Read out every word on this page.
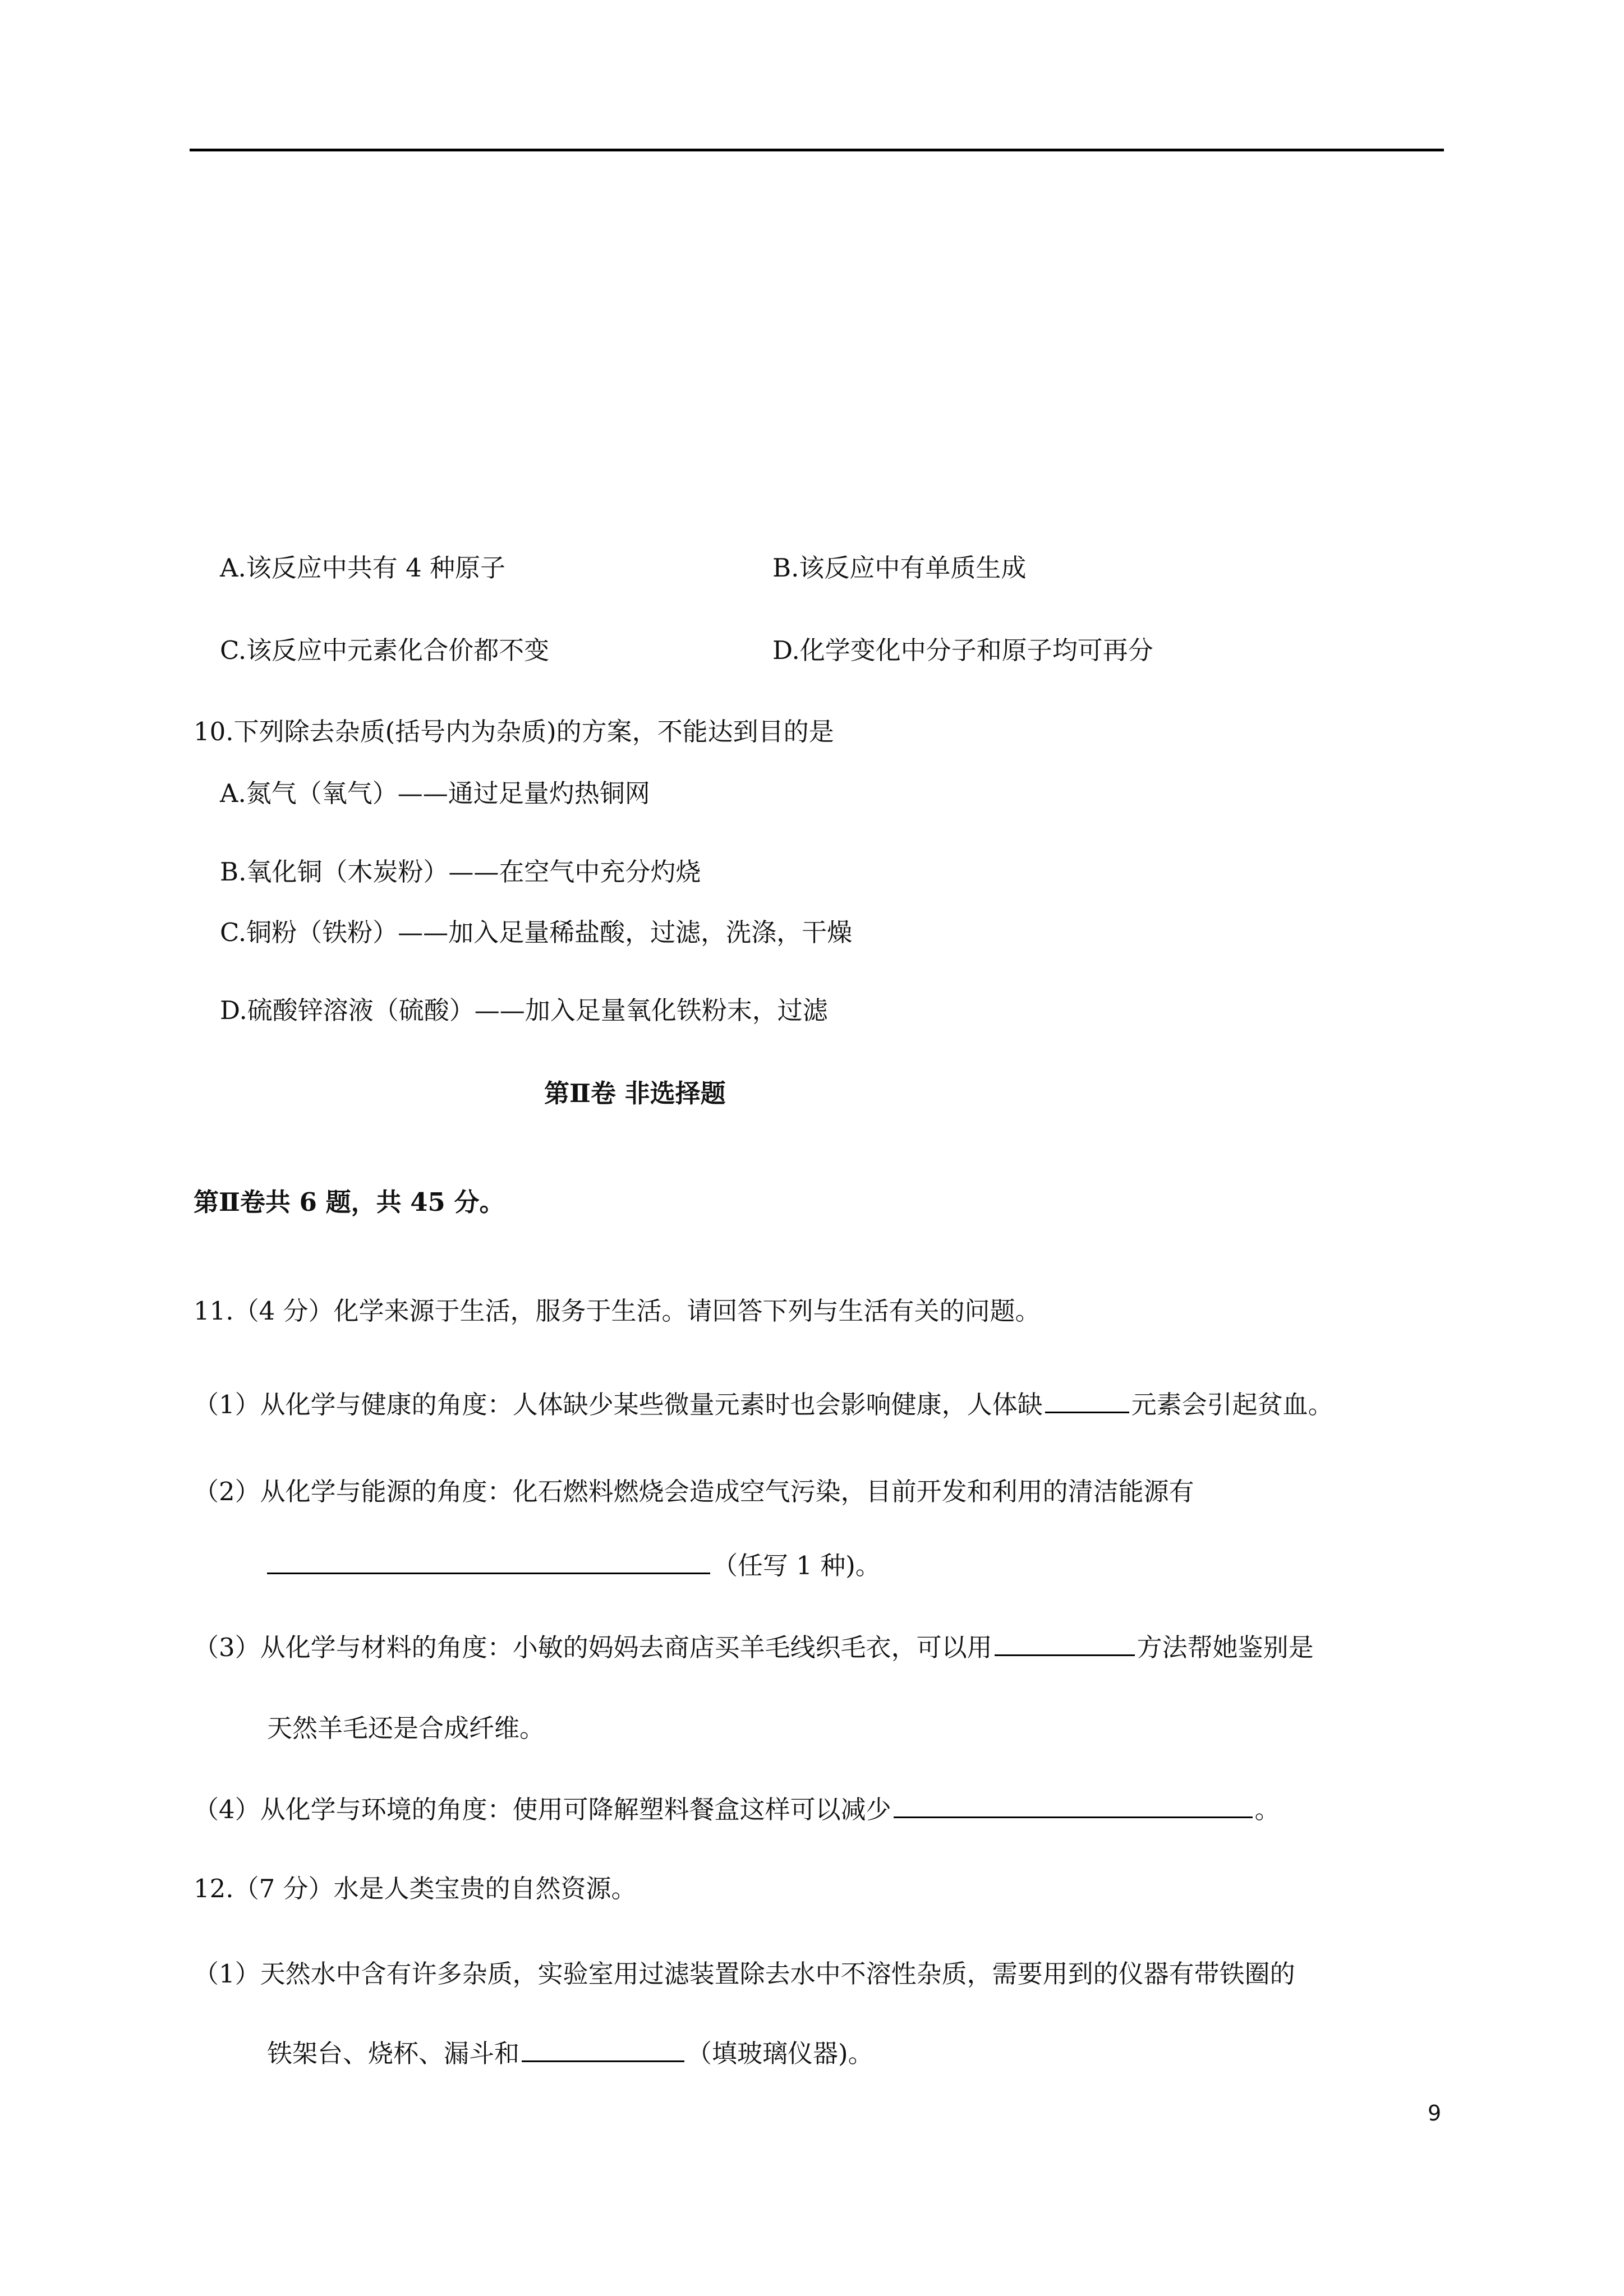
A.该反应中共有 4 种原子	B.该反应中有单质生成
C.该反应中元素化合价都不变	D.化学变化中分子和原子均可再分
10.下列除去杂质(括号内为杂质)的方案，不能达到目的是
A.氮气（氧气）——通过足量灼热铜网
B.氧化铜（木炭粉）——在空气中充分灼烧
C.铜粉（铁粉）——加入足量稀盐酸，过滤，洗涤，干燥
D.硫酸锌溶液（硫酸）——加入足量氧化铁粉末，过滤
第Ⅱ卷 非选择题
第Ⅱ卷共 6 题，共 45 分。
11.（4 分）化学来源于生活，服务于生活。请回答下列与生活有关的问题。
（1）从化学与健康的角度：人体缺少某些微量元素时也会影响健康，人体缺	元素会引起贫血。
（2）从化学与能源的角度：化石燃料燃烧会造成空气污染，目前开发和利用的清洁能源有
（任写 1 种)。
（3）从化学与材料的角度：小敏的妈妈去商店买羊毛线织毛衣，可以用	方法帮她鉴别是
天然羊毛还是合成纤维。
（4）从化学与环境的角度：使用可降解塑料餐盒这样可以减少	。
12.（7 分）水是人类宝贵的自然资源。
（1）天然水中含有许多杂质，实验室用过滤装置除去水中不溶性杂质，需要用到的仪器有带铁圈的
铁架台、烧杯、漏斗和	（填玻璃仪器)。
9
